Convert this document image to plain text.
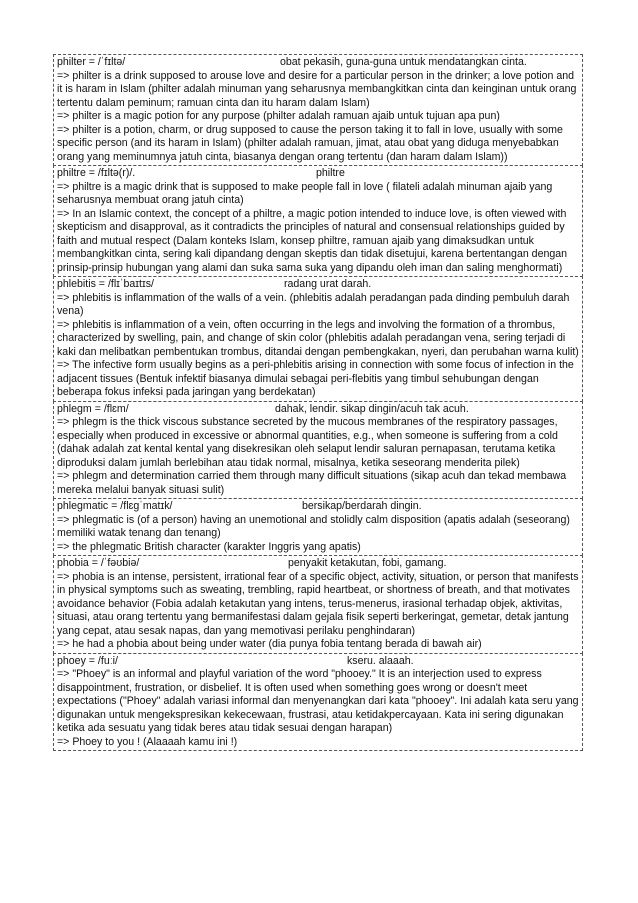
philter = /ˈfɪltə/	obat pekasih, guna-guna untuk mendatangkan cinta.
=> philter is a drink supposed to arouse love and desire for a particular person in the drinker; a love potion and it is haram in Islam (philter adalah minuman yang seharusnya membangkitkan cinta dan keinginan untuk orang tertentu dalam peminum; ramuan cinta dan itu haram dalam Islam)
=> philter is a magic potion for any purpose (philter adalah ramuan ajaib untuk tujuan apa pun)
=> philter is a potion, charm, or drug supposed to cause the person taking it to fall in love, usually with some specific person (and its haram in Islam) (philter adalah ramuan, jimat, atau obat yang diduga menyebabkan orang yang meminumnya jatuh cinta, biasanya dengan orang tertentu (dan haram dalam Islam))
philtre = /fɪltə(r)/.	philtre
=> philtre is a magic drink that is supposed to make people fall in love ( filateli adalah minuman ajaib yang seharusnya membuat orang jatuh cinta)
=> In an Islamic context, the concept of a philtre, a magic potion intended to induce love, is often viewed with skepticism and disapproval, as it contradicts the principles of natural and consensual relationships guided by faith and mutual respect (Dalam konteks Islam, konsep philtre, ramuan ajaib yang dimaksudkan untuk membangkitkan cinta, sering kali dipandang dengan skeptis dan tidak disetujui, karena bertentangan dengan prinsip-prinsip hubungan yang alami dan suka sama suka yang dipandu oleh iman dan saling menghormati)
phlebitis = /flɪˈbaɪtɪs/	radang urat darah.
=> phlebitis is inflammation of the walls of a vein. (phlebitis adalah peradangan pada dinding pembuluh darah vena)
=> phlebitis is inflammation of a vein, often occurring in the legs and involving the formation of a thrombus, characterized by swelling, pain, and change of skin color (phlebitis adalah peradangan vena, sering terjadi di kaki dan melibatkan pembentukan trombus, ditandai dengan pembengkakan, nyeri, dan perubahan warna kulit)
=> The infective form usually begins as a peri-phlebitis arising in connection with some focus of infection in the adjacent tissues (Bentuk infektif biasanya dimulai sebagai peri-flebitis yang timbul sehubungan dengan beberapa fokus infeksi pada jaringan yang berdekatan)
phlegm = /flɛm/	dahak, lendir. sikap dingin/acuh tak acuh.
=> phlegm is the thick viscous substance secreted by the mucous membranes of the respiratory passages, especially when produced in excessive or abnormal quantities, e.g., when someone is suffering from a cold (dahak adalah zat kental kental yang disekresikan oleh selaput lendir saluran pernapasan, terutama ketika diproduksi dalam jumlah berlebihan atau tidak normal, misalnya, ketika seseorang menderita pilek)
=> phlegm and determination carried them through many difficult situations (sikap acuh dan tekad membawa mereka melalui banyak situasi sulit)
phlegmatic = /flɛgˈmatɪk/	bersikap/berdarah dingin.
=> phlegmatic is (of a person) having an unemotional and stolidly calm disposition (apatis adalah (seseorang) memiliki watak tenang dan tenang)
=> the phlegmatic British character (karakter Inggris yang apatis)
phobia = /ˈfəʊbiə/	penyakit ketakutan, fobi, gamang.
=> phobia is an intense, persistent, irrational fear of a specific object, activity, situation, or person that manifests in physical symptoms such as sweating, trembling, rapid heartbeat, or shortness of breath, and that motivates avoidance behavior (Fobia adalah ketakutan yang intens, terus-menerus, irasional terhadap objek, aktivitas, situasi, atau orang tertentu yang bermanifestasi dalam gejala fisik seperti berkeringat, gemetar, detak jantung yang cepat, atau sesak napas, dan yang memotivasi perilaku penghindaran)
=> he had a phobia about being under water (dia punya fobia tentang berada di bawah air)
phoey = /fuːi/	kseru. alaaah.
=> "Phoey" is an informal and playful variation of the word "phooey." It is an interjection used to express disappointment, frustration, or disbelief. It is often used when something goes wrong or doesn't meet expectations ("Phoey" adalah variasi informal dan menyenangkan dari kata "phooey". Ini adalah kata seru yang digunakan untuk mengekspresikan kekecewaan, frustrasi, atau ketidakpercayaan. Kata ini sering digunakan ketika ada sesuatu yang tidak beres atau tidak sesuai dengan harapan)
=> Phoey to you ! (Alaaaah kamu ini !)
